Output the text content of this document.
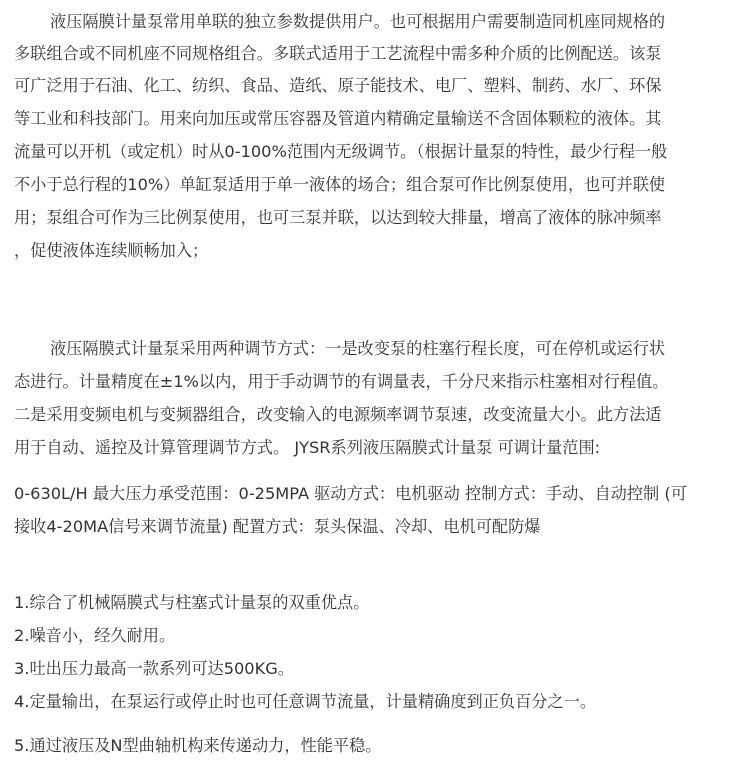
液压隔膜计量泵常用单联的独立参数提供用户。也可根据用户需要制造同机座同规格的
多联组合或不同机座不同规格组合。多联式适用于工艺流程中需多种介质的比例配送。该泵
可广泛用于石油、化工、纺织、食品、造纸、原子能技术、电厂、塑料、制药、水厂、环保
等工业和科技部门。用来向加压或常压容器及管道内精确定量输送不含固体颗粒的液体。其
流量可以开机（或定机）时从0-100%范围内无级调节。（根据计量泵的特性，最少行程一般
不小于总行程的10%）单缸泵适用于单一液体的场合；组合泵可作比例泵使用，也可并联使
用；泵组合可作为三比例泵使用，也可三泵并联，以达到较大排量，增高了液体的脉冲频率
，促使液体连续顺畅加入；
液压隔膜式计量泵采用两种调节方式：一是改变泵的柱塞行程长度，可在停机或运行状
态进行。计量精度在±1%以内，用于手动调节的有调量表，千分尺来指示柱塞相对行程值。
二是采用变频电机与变频器组合，改变输入的电源频率调节泵速，改变流量大小。此方法适
用于自动、遥控及计算管理调节方式。 JYSR系列液压隔膜式计量泵 可调计量范围:
0-630L/H 最大压力承受范围：0-25MPA 驱动方式：电机驱动 控制方式：手动、自动控制 (可
接收4-20MA信号来调节流量) 配置方式：泵头保温、冷却、电机可配防爆
1.综合了机械隔膜式与柱塞式计量泵的双重优点。
2.噪音小，经久耐用。
3.吐出压力最高一款系列可达500KG。
4.定量输出，在泵运行或停止时也可任意调节流量，计量精确度到正负百分之一。
5.通过液压及N型曲轴机构来传递动力，性能平稳。
